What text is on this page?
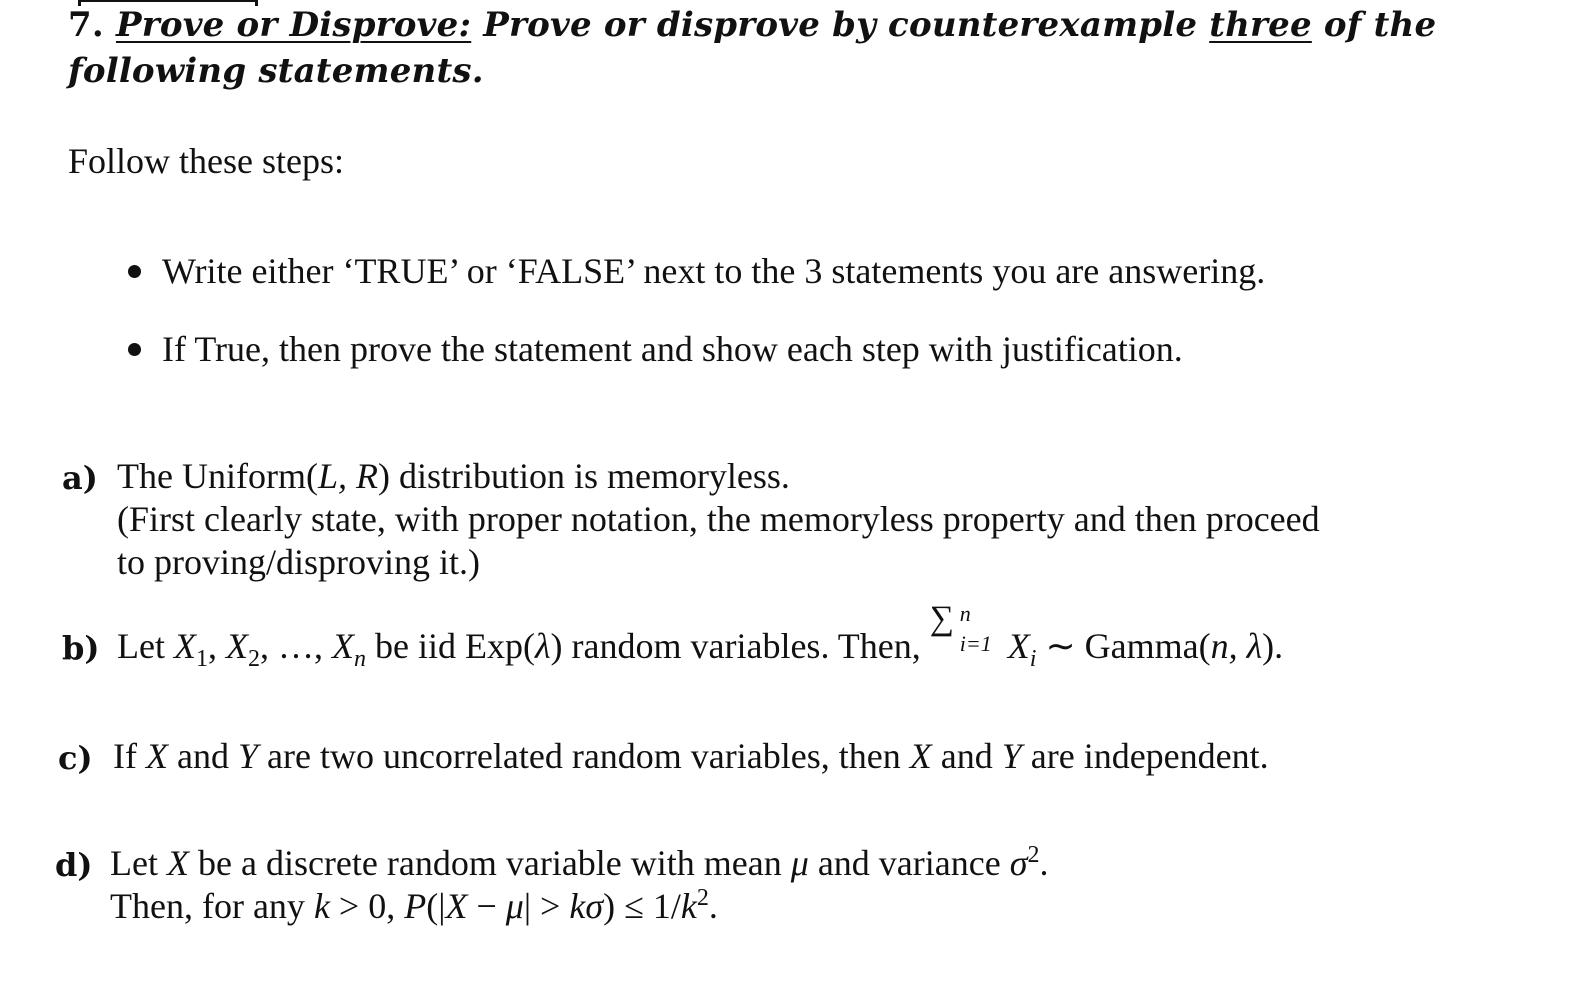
7. Prove or Disprove: Prove or disprove by counterexample three of the
following statements.
Follow these steps:
Write either ‘TRUE’ or ‘FALSE’ next to the 3 statements you are answering.
If True, then prove the statement and show each step with justification.
a) The Uniform(L, R) distribution is memoryless.
(First clearly state, with proper notation, the memoryless property and then proceed
to proving/disproving it.)
b) Let $X_1$, $X_2$, …, $X_n$ be iid Exp(λ) random variables. Then,
∑ n
i=1 $X_i$ ∼ Gamma(n, λ).
c) If X and Y are two uncorrelated random variables, then X and Y are independent.
d) Let X be a discrete random variable with mean μ and variance $\sigma^2$.
Then, for any k > 0, $P(|X - \mu| > k\sigma) \le 1/k^2$.
